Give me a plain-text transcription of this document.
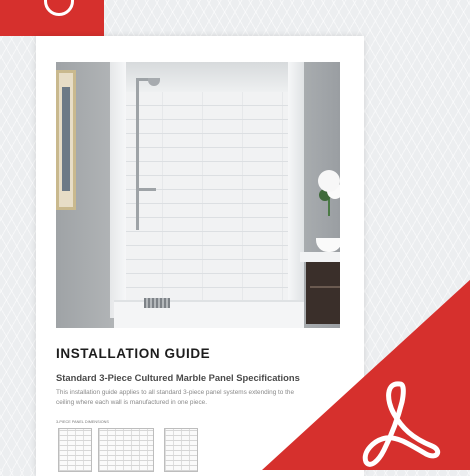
INSTALLATION GUIDE
Standard 3-Piece Cultured Marble Panel Specifications

This installation guide applies to all standard 3-piece panel systems extending to the ceiling where each wall is manufactured in one piece.

3-PIECE PANEL DIMENSIONS
